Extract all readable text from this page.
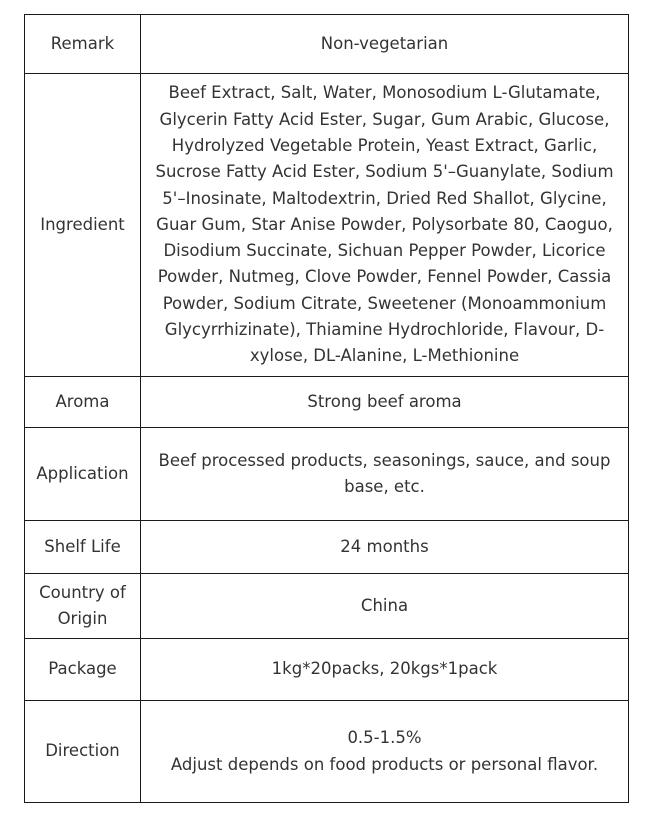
Remark	Non-vegetarian
Ingredient	Beef Extract, Salt, Water, Monosodium L-Glutamate, Glycerin Fatty Acid Ester, Sugar, Gum Arabic, Glucose, Hydrolyzed Vegetable Protein, Yeast Extract, Garlic, Sucrose Fatty Acid Ester, Sodium 5'–Guanylate, Sodium 5'–Inosinate, Maltodextrin, Dried Red Shallot, Glycine, Guar Gum, Star Anise Powder, Polysorbate 80, Caoguo, Disodium Succinate, Sichuan Pepper Powder, Licorice Powder, Nutmeg, Clove Powder, Fennel Powder, Cassia Powder, Sodium Citrate, Sweetener (Monoammonium Glycyrrhizinate), Thiamine Hydrochloride, Flavour, D-xylose, DL-Alanine, L-Methionine
Aroma	Strong beef aroma
Application	Beef processed products, seasonings, sauce, and soup base, etc.
Shelf Life	24 months
Country of Origin	China
Package	1kg*20packs, 20kgs*1pack
Direction	0.5-1.5%
Adjust depends on food products or personal flavor.
